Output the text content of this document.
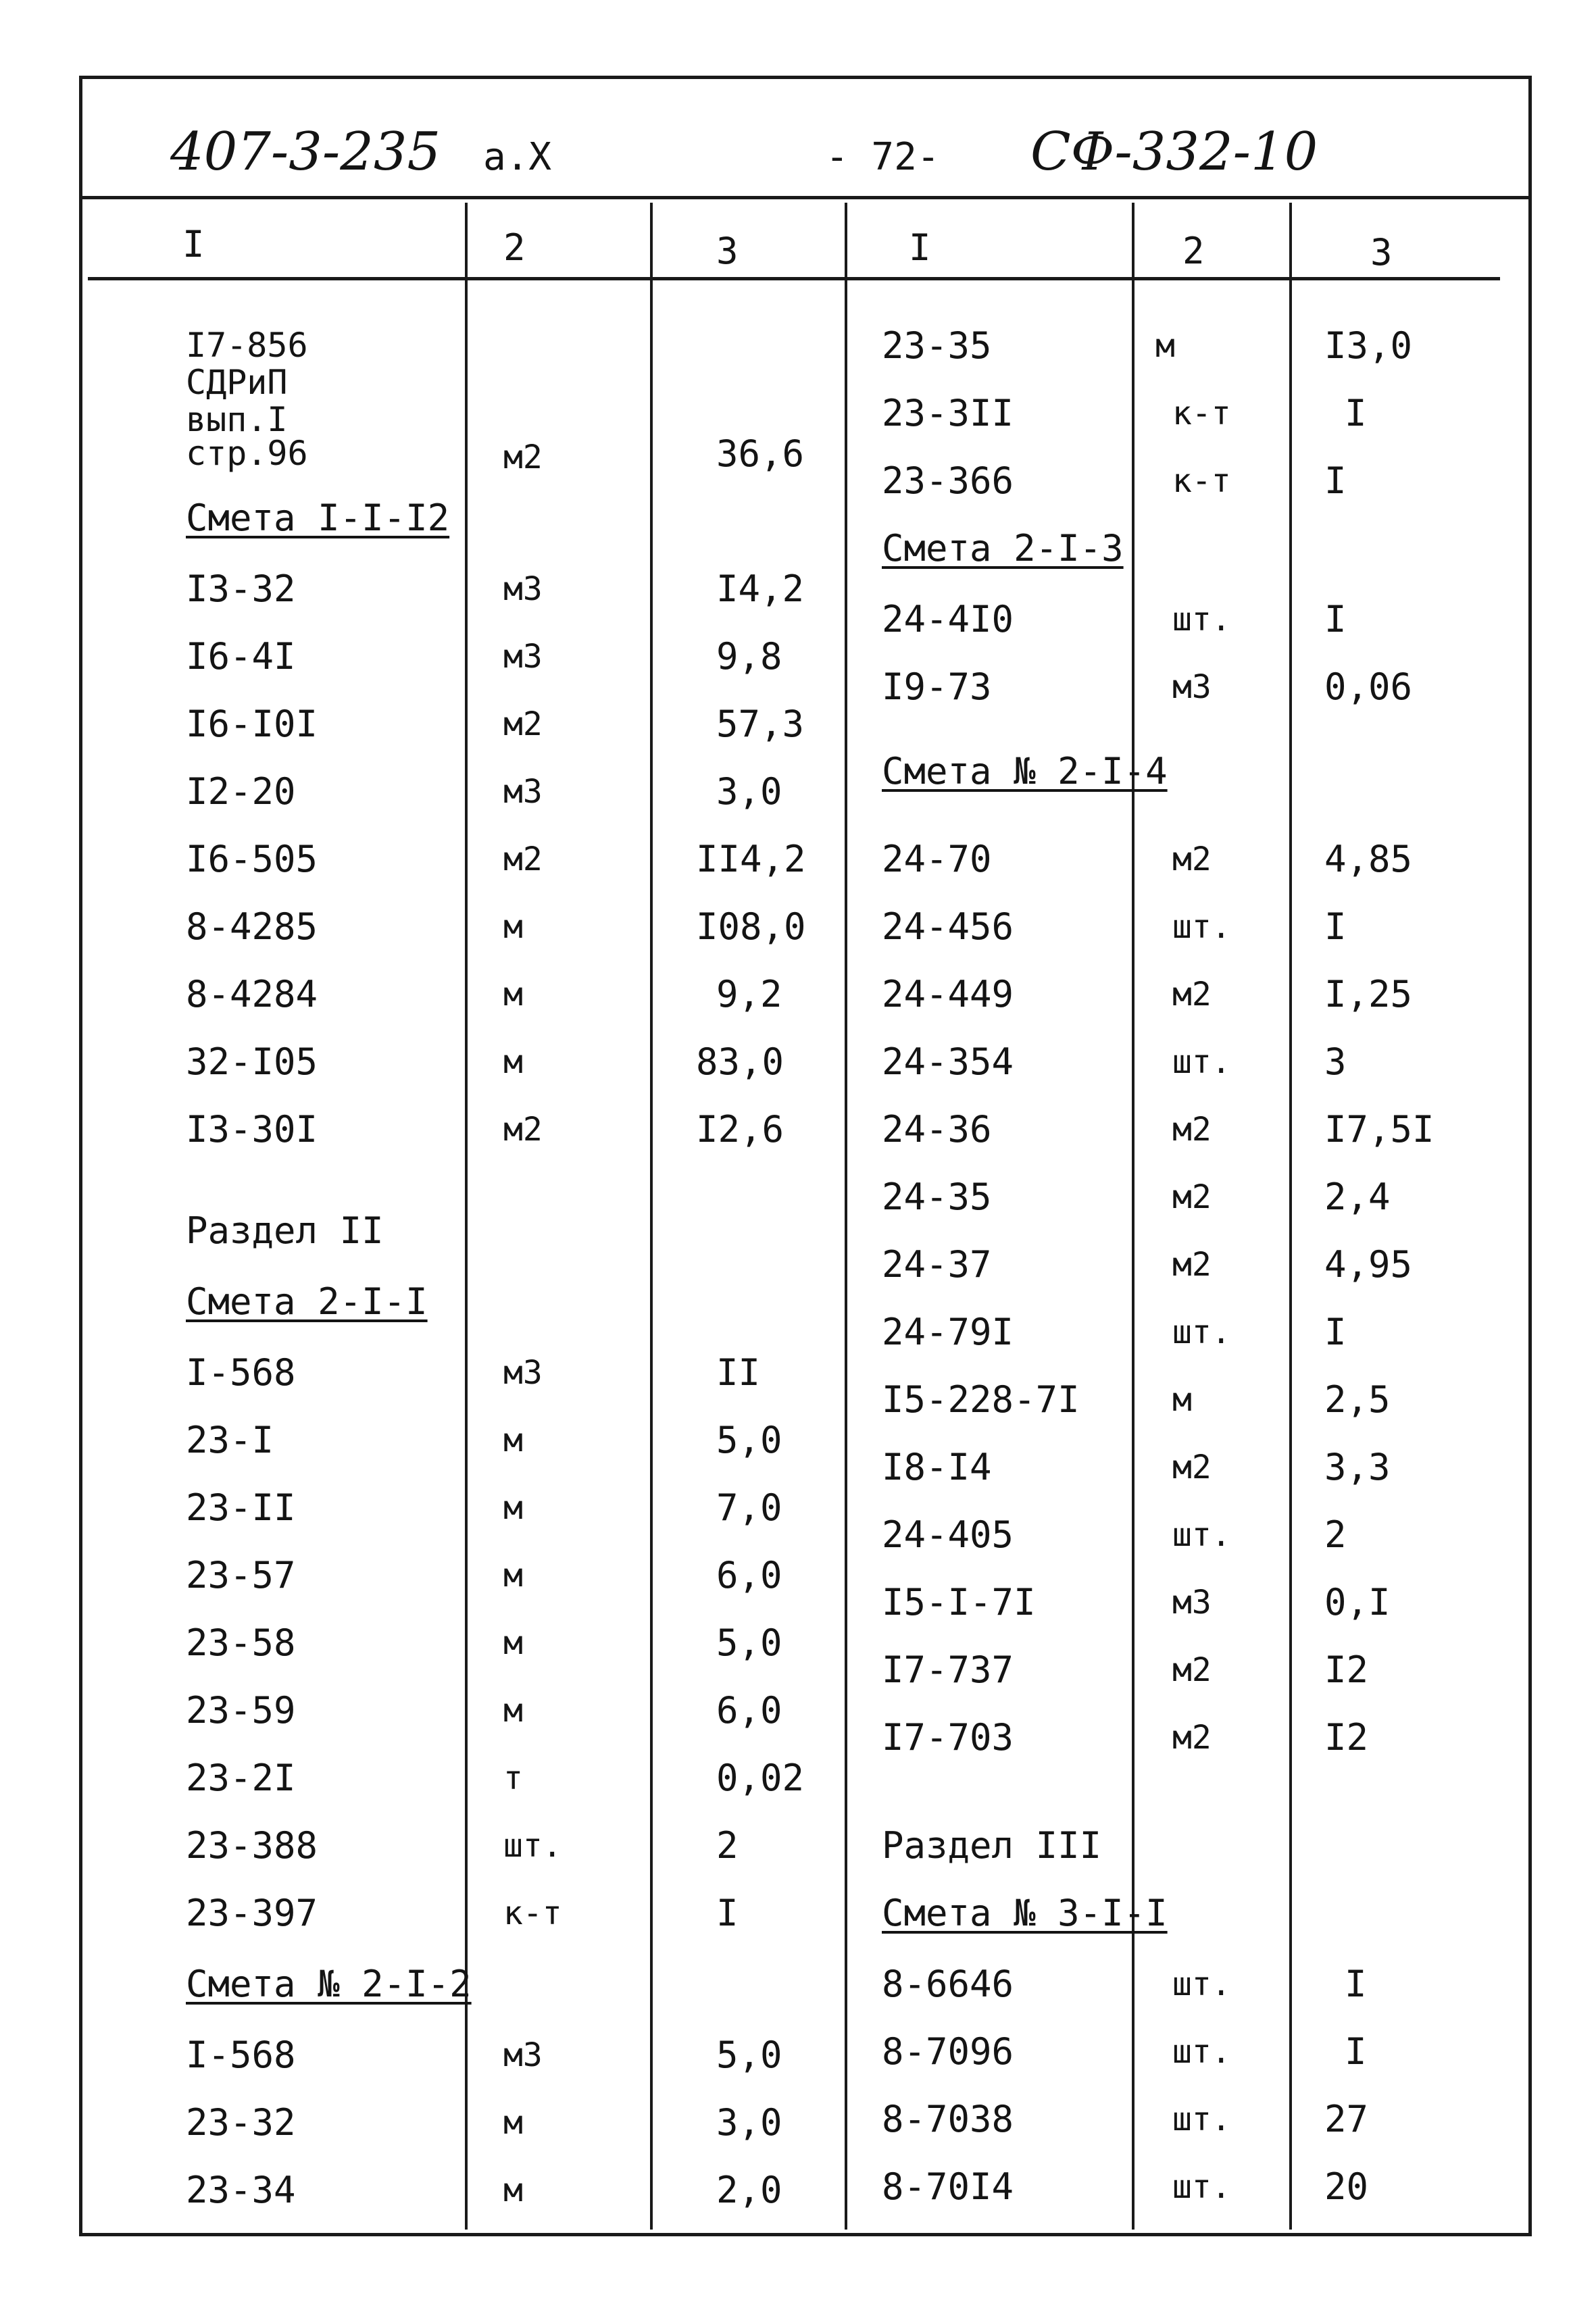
407-3-235 а.Х	- 72- СФ-332-10
I	2	3	I	2	3
I7-856
СДРиП
вып.I
стр.96	м2	36,6
Смета I-I-I2
I3-32	м3	I4,2
I6-4I	м3	9,8
I6-I0I	м2	57,3
I2-20	м3	3,0
I6-505	м2	II4,2
8-4285	м	I08,0
8-4284	м	9,2
32-I05	м	83,0
I3-30I	м2	I2,6
Раздел II
Смета 2-I-I
I-568	м3	II
23-I	м	5,0
23-II	м	7,0
23-57	м	6,0
23-58	м	5,0
23-59	м	6,0
23-2I	т	0,02
23-388	шт.	2
23-397	к-т	I
Смета № 2-I-2
I-568	м3	5,0
23-32	м	3,0
23-34	м	2,0
23-35	м	I3,0
23-3II	к-т	I
23-366	к-т	I
Смета 2-I-3
24-4I0	шт.	I
I9-73	м3	0,06
Смета № 2-I-4
24-70	м2	4,85
24-456	шт.	I
24-449	м2	I,25
24-354	шт.	3
24-36	м2	I7,5I
24-35	м2	2,4
24-37	м2	4,95
24-79I	шт.	I
I5-228-7I	м	2,5
I8-I4	м2	3,3
24-405	шт.	2
I5-I-7I	м3	0,I
I7-737	м2	I2
I7-703	м2	I2
Раздел III
Смета № 3-I-I
8-6646	шт.	I
8-7096	шт.	I
8-7038	шт.	27
8-70I4	шт.	20
